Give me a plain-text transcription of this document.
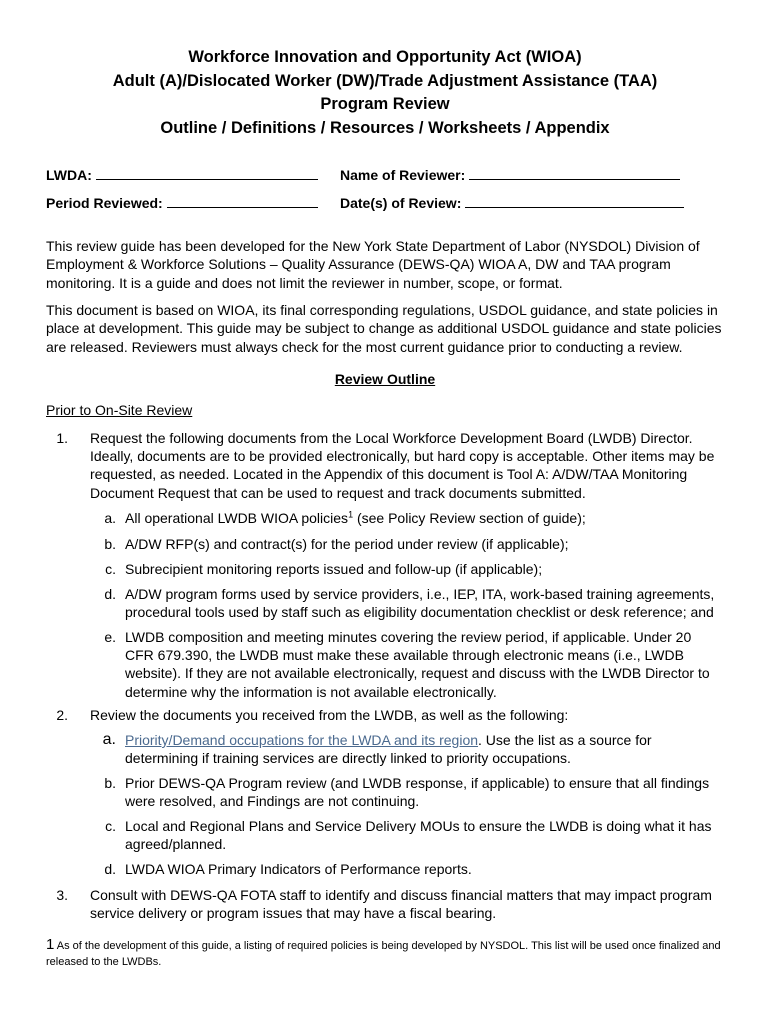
Workforce Innovation and Opportunity Act (WIOA)
Adult (A)/Dislocated Worker (DW)/Trade Adjustment Assistance (TAA)
Program Review
Outline / Definitions / Resources / Worksheets / Appendix
LWDA:	Name of Reviewer:
Period Reviewed:	Date(s) of Review:
This review guide has been developed for the New York State Department of Labor (NYSDOL) Division of Employment & Workforce Solutions – Quality Assurance (DEWS-QA) WIOA A, DW and TAA program monitoring. It is a guide and does not limit the reviewer in number, scope, or format.
This document is based on WIOA, its final corresponding regulations, USDOL guidance, and state policies in place at development. This guide may be subject to change as additional USDOL guidance and state policies are released. Reviewers must always check for the most current guidance prior to conducting a review.
Review Outline
Prior to On-Site Review
1. Request the following documents from the Local Workforce Development Board (LWDB) Director. Ideally, documents are to be provided electronically, but hard copy is acceptable. Other items may be requested, as needed. Located in the Appendix of this document is Tool A: A/DW/TAA Monitoring Document Request that can be used to request and track documents submitted.
a. All operational LWDB WIOA policies$^1$ (see Policy Review section of guide);
b. A/DW RFP(s) and contract(s) for the period under review (if applicable);
c. Subrecipient monitoring reports issued and follow-up (if applicable);
d. A/DW program forms used by service providers, i.e., IEP, ITA, work-based training agreements, procedural tools used by staff such as eligibility documentation checklist or desk reference; and
e. LWDB composition and meeting minutes covering the review period, if applicable. Under 20 CFR 679.390, the LWDB must make these available through electronic means (i.e., LWDB website). If they are not available electronically, request and discuss with the LWDB Director to determine why the information is not available electronically.
2. Review the documents you received from the LWDB, as well as the following:
a. Priority/Demand occupations for the LWDA and its region. Use the list as a source for determining if training services are directly linked to priority occupations.
b. Prior DEWS-QA Program review (and LWDB response, if applicable) to ensure that all findings were resolved, and Findings are not continuing.
c. Local and Regional Plans and Service Delivery MOUs to ensure the LWDB is doing what it has agreed/planned.
d. LWDA WIOA Primary Indicators of Performance reports.
3. Consult with DEWS-QA FOTA staff to identify and discuss financial matters that may impact program service delivery or program issues that may have a fiscal bearing.
1 As of the development of this guide, a listing of required policies is being developed by NYSDOL. This list will be used once finalized and released to the LWDBs.
